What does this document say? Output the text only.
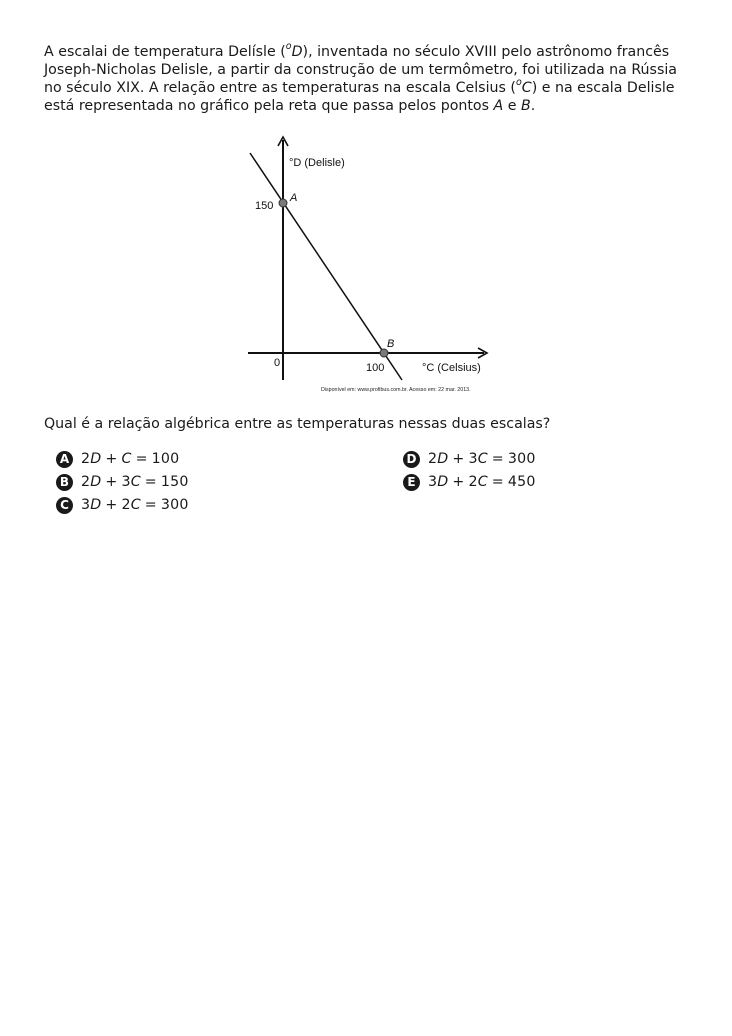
A escalai de temperatura Delísle ($^o$D), inventada no século XVIII pelo astrônomo francês
Joseph-Nicholas Delisle, a partir da construção de um termômetro, foi utilizada na Rússia
no século XIX. A relação entre as temperaturas na escala Celsius ($^o$C) e na escala Delisle
está representada no gráfico pela reta que passa pelos pontos A e B.
°D (Delisle)
°C (Celsius)
150
100
0
A
B
Disponível em: www.profibus.com.br. Acesso em: 22 mar. 2013.

Qual é a relação algébrica entre as temperaturas nessas duas escalas?

A 2D + C = 100
B 2D + 3C = 150
C 3D + 2C = 300
D 2D + 3C = 300
E 3D + 2C = 450
